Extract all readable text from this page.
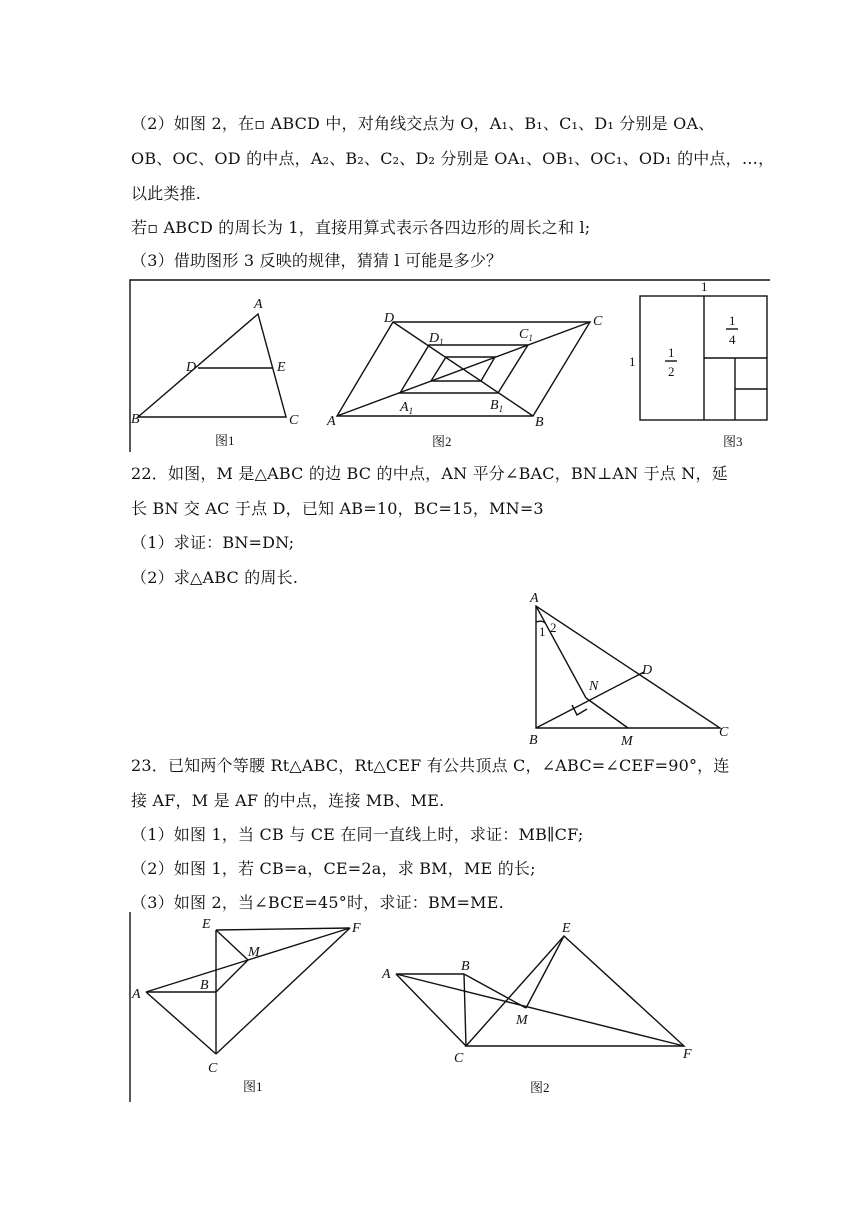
（2）如图 2，在▫ ABCD 中，对角线交点为 O，A₁、B₁、C₁、D₁ 分别是 OA、
OB、OC、OD 的中点，A₂、B₂、C₂、D₂ 分别是 OA₁、OB₁、OC₁、OD₁ 的中点，…，
以此类推.
若▫ ABCD 的周长为 1，直接用算式表示各四边形的周长之和 l;
（3）借助图形 3 反映的规律，猜猜 l 可能是多少？
A
B	C
D	E
图1
D	C
A	B
$D_1$	$C_1$
$A_1$	$B_1$
图2
1
1
1
2
1
4
图3
22．如图，M 是△ABC 的边 BC 的中点，AN 平分∠BAC，BN⊥AN 于点 N，延
长 BN 交 AC 于点 D，已知 AB=10，BC=15，MN=3
（1）求证：BN=DN;
（2）求△ABC 的周长.
A
B
C
D
N
M
1 2
23．已知两个等腰 Rt△ABC，Rt△CEF 有公共顶点 C，∠ABC=∠CEF=90°，连
接 AF，M 是 AF 的中点，连接 MB、ME.
（1）如图 1，当 CB 与 CE 在同一直线上时，求证：MB∥CF;
（2）如图 1，若 CB=a，CE=2a，求 BM，ME 的长;
（3）如图 2，当∠BCE=45°时，求证：BM=ME.
E	F
M
A
B
C
图1
E
A
B
M
C	F
图2
